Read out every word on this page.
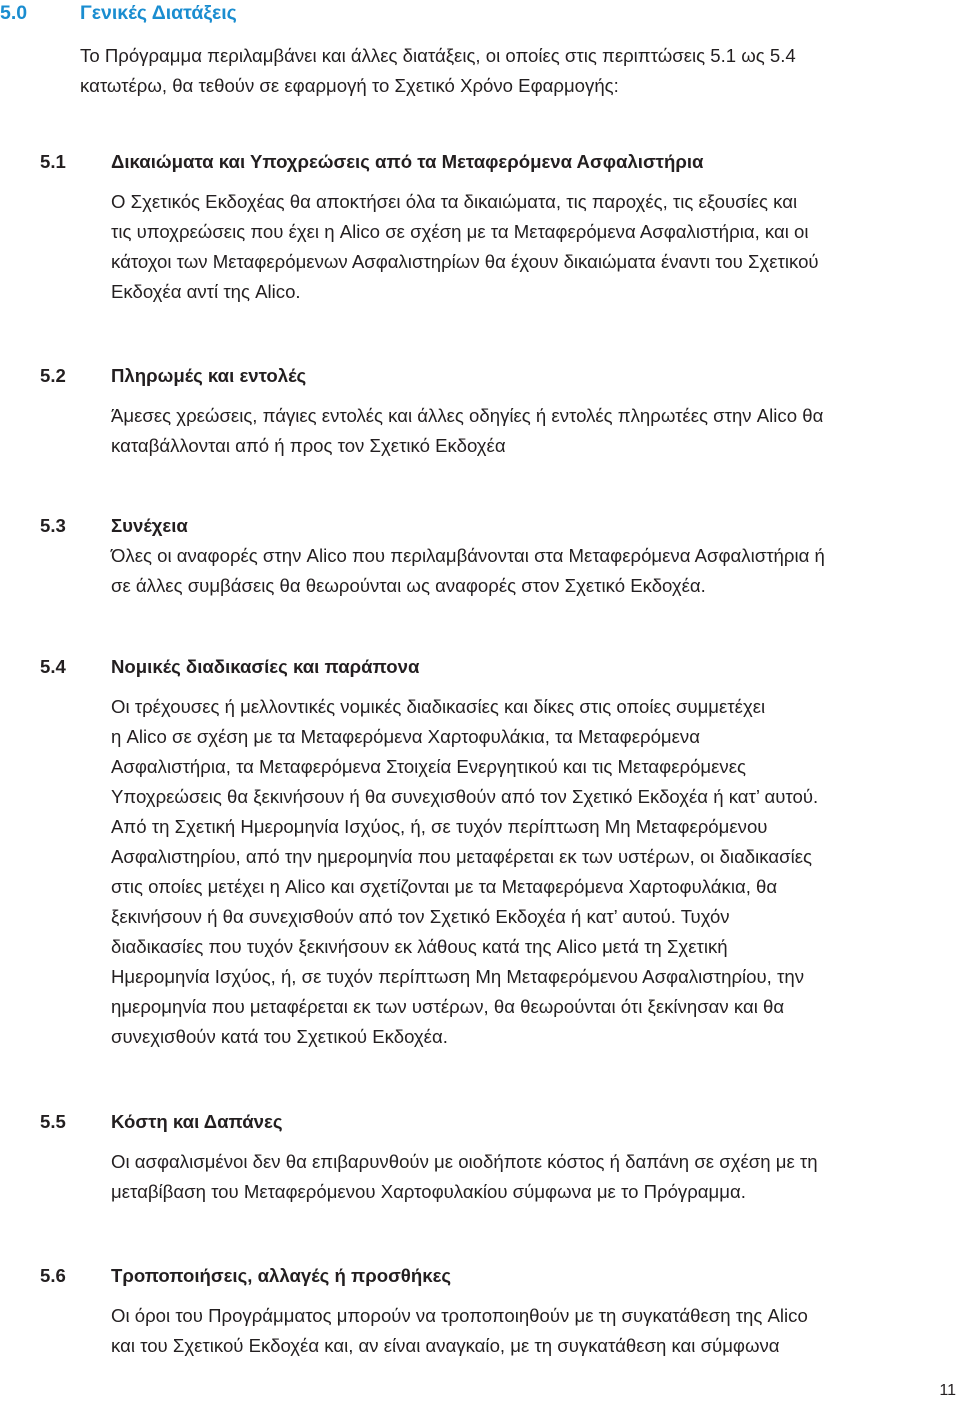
5.0	Γενικές Διατάξεις
Το Πρόγραμμα περιλαμβάνει και άλλες διατάξεις, οι οποίες στις περιπτώσεις 5.1 ως 5.4
κατωτέρω, θα τεθούν σε εφαρμογή το Σχετικό Χρόνο Εφαρμογής:
5.1 Δικαιώματα και Υποχρεώσεις από τα Μεταφερόμενα Ασφαλιστήρια
Ο Σχετικός Εκδοχέας θα αποκτήσει όλα τα δικαιώματα, τις παροχές, τις εξουσίες και
τις υποχρεώσεις που έχει η Alico σε σχέση με τα Μεταφερόμενα Ασφαλιστήρια, και οι
κάτοχοι των Μεταφερόμενων Ασφαλιστηρίων θα έχουν δικαιώματα έναντι του Σχετικού
Εκδοχέα αντί της Alico.
5.2 Πληρωμές και εντολές
Άμεσες χρεώσεις, πάγιες εντολές και άλλες οδηγίες ή εντολές πληρωτέες στην Alico θα
καταβάλλονται από ή προς τον Σχετικό Εκδοχέα
5.3 Συνέχεια
Όλες οι αναφορές στην Alico που περιλαμβάνονται στα Μεταφερόμενα Ασφαλιστήρια ή
σε άλλες συμβάσεις θα θεωρούνται ως αναφορές στον Σχετικό Εκδοχέα.
5.4 Νομικές διαδικασίες και παράπονα
Οι τρέχουσες ή μελλοντικές νομικές διαδικασίες και δίκες στις οποίες συμμετέχει
η Alico σε σχέση με τα Μεταφερόμενα Χαρτοφυλάκια, τα Μεταφερόμενα
Ασφαλιστήρια, τα Μεταφερόμενα Στοιχεία Ενεργητικού και τις Μεταφερόμενες
Υποχρεώσεις θα ξεκινήσουν ή θα συνεχισθούν από τον Σχετικό Εκδοχέα ή κατ’ αυτού.
Από τη Σχετική Ημερομηνία Ισχύος, ή, σε τυχόν περίπτωση Μη Μεταφερόμενου
Ασφαλιστηρίου, από την ημερομηνία που μεταφέρεται εκ των υστέρων, οι διαδικασίες
στις οποίες μετέχει η Alico και σχετίζονται με τα Μεταφερόμενα Χαρτοφυλάκια, θα
ξεκινήσουν ή θα συνεχισθούν από τον Σχετικό Εκδοχέα ή κατ’ αυτού. Τυχόν
διαδικασίες που τυχόν ξεκινήσουν εκ λάθους κατά της Alico μετά τη Σχετική
Ημερομηνία Ισχύος, ή, σε τυχόν περίπτωση Μη Μεταφερόμενου Ασφαλιστηρίου, την
ημερομηνία που μεταφέρεται εκ των υστέρων, θα θεωρούνται ότι ξεκίνησαν και θα
συνεχισθούν κατά του Σχετικού Εκδοχέα.
5.5 Κόστη και Δαπάνες
Οι ασφαλισμένοι δεν θα επιβαρυνθούν με οιοδήποτε κόστος ή δαπάνη σε σχέση με τη
μεταβίβαση του Μεταφερόμενου Χαρτοφυλακίου σύμφωνα με το Πρόγραμμα.
5.6 Τροποποιήσεις, αλλαγές ή προσθήκες
Οι όροι του Προγράμματος μπορούν να τροποποιηθούν με τη συγκατάθεση της Alico
και του Σχετικού Εκδοχέα και, αν είναι αναγκαίο, με τη συγκατάθεση και σύμφωνα
11
